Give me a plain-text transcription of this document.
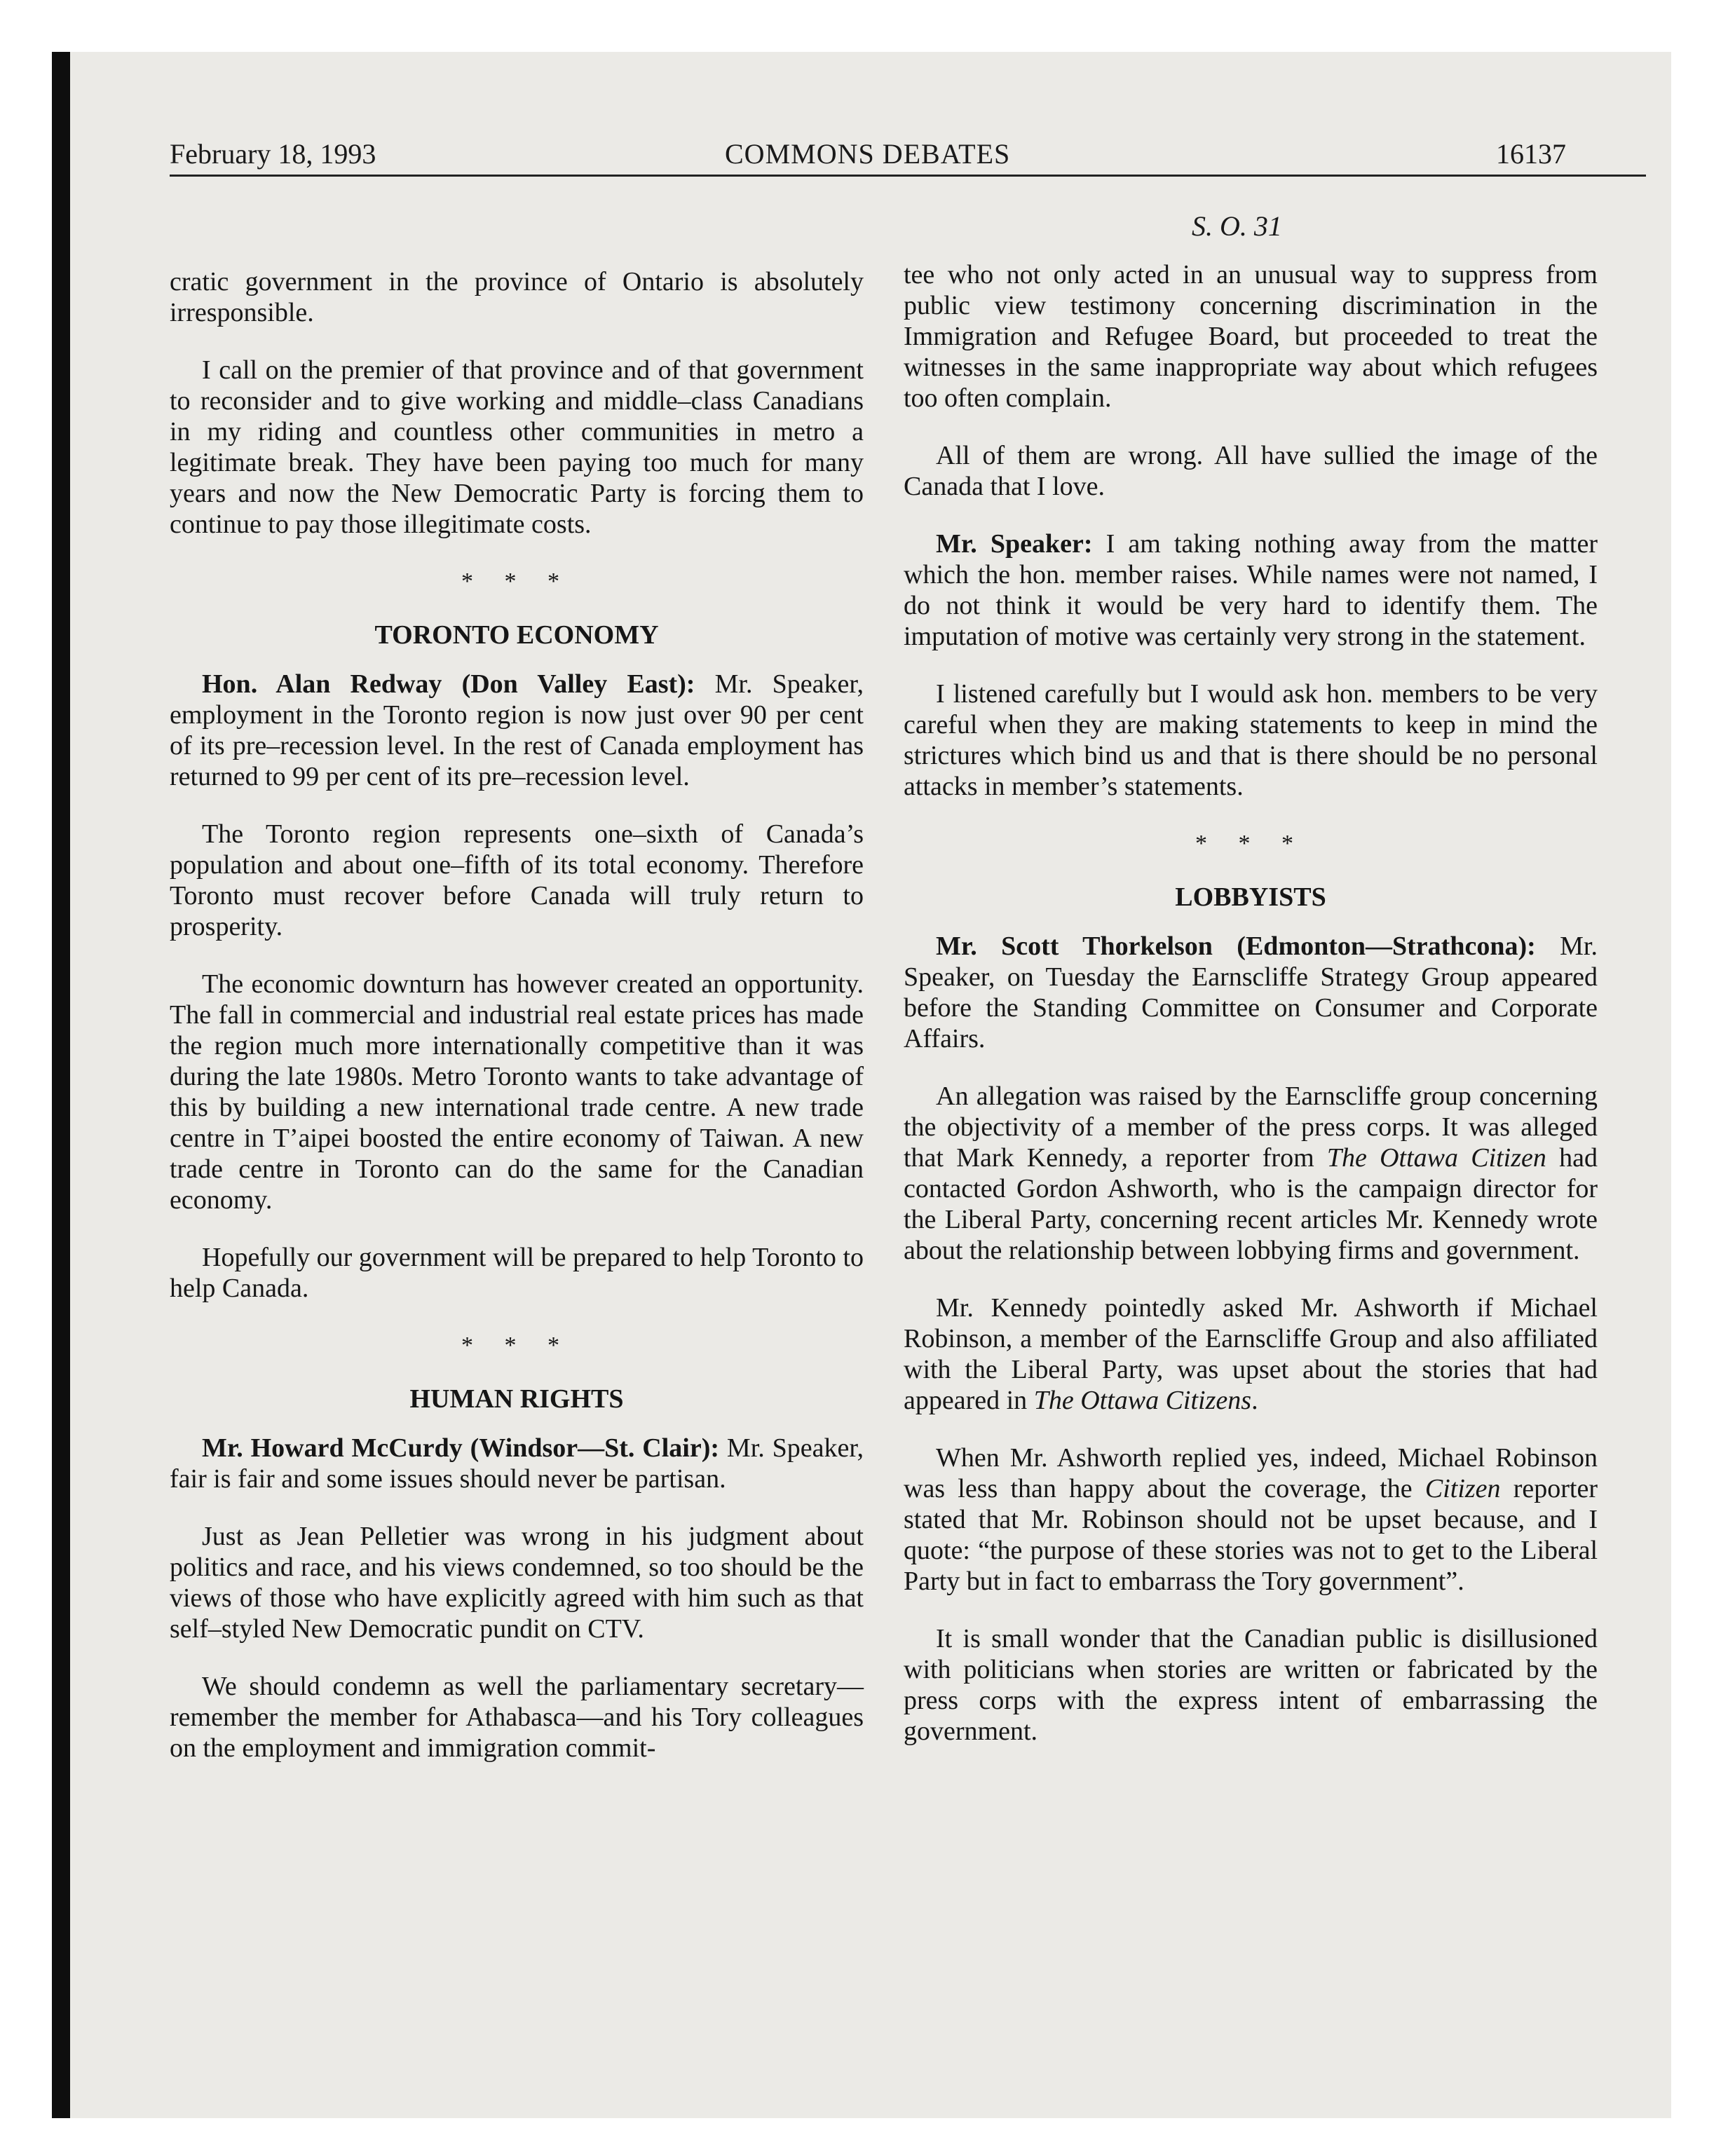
February 18, 1993	COMMONS DEBATES	16137
S. O. 31

cratic government in the province of Ontario is absolutely irresponsible.

I call on the premier of that province and of that government to reconsider and to give working and middle–class Canadians in my riding and countless other communities in metro a legitimate break. They have been paying too much for many years and now the New Democratic Party is forcing them to continue to pay those illegitimate costs.

* * *
TORONTO ECONOMY

Hon. Alan Redway (Don Valley East): Mr. Speaker, employment in the Toronto region is now just over 90 per cent of its pre–recession level. In the rest of Canada employment has returned to 99 per cent of its pre–recession level.

The Toronto region represents one–sixth of Canada’s population and about one–fifth of its total economy. Therefore Toronto must recover before Canada will truly return to prosperity.

The economic downturn has however created an opportunity. The fall in commercial and industrial real estate prices has made the region much more internationally competitive than it was during the late 1980s. Metro Toronto wants to take advantage of this by building a new international trade centre. A new trade centre in T’aipei boosted the entire economy of Taiwan. A new trade centre in Toronto can do the same for the Canadian economy.

Hopefully our government will be prepared to help Toronto to help Canada.

* * *
HUMAN RIGHTS

Mr. Howard McCurdy (Windsor—St. Clair): Mr. Speaker, fair is fair and some issues should never be partisan.

Just as Jean Pelletier was wrong in his judgment about politics and race, and his views condemned, so too should be the views of those who have explicitly agreed with him such as that self–styled New Democratic pundit on CTV.

We should condemn as well the parliamentary secretary—remember the member for Athabasca—and his Tory colleagues on the employment and immigration commit-

tee who not only acted in an unusual way to suppress from public view testimony concerning discrimination in the Immigration and Refugee Board, but proceeded to treat the witnesses in the same inappropriate way about which refugees too often complain.

All of them are wrong. All have sullied the image of the Canada that I love.

Mr. Speaker: I am taking nothing away from the matter which the hon. member raises. While names were not named, I do not think it would be very hard to identify them. The imputation of motive was certainly very strong in the statement.

I listened carefully but I would ask hon. members to be very careful when they are making statements to keep in mind the strictures which bind us and that is there should be no personal attacks in member’s statements.

* * *
LOBBYISTS

Mr. Scott Thorkelson (Edmonton—Strathcona): Mr. Speaker, on Tuesday the Earnscliffe Strategy Group appeared before the Standing Committee on Consumer and Corporate Affairs.

An allegation was raised by the Earnscliffe group concerning the objectivity of a member of the press corps. It was alleged that Mark Kennedy, a reporter from The Ottawa Citizen had contacted Gordon Ashworth, who is the campaign director for the Liberal Party, concerning recent articles Mr. Kennedy wrote about the relationship between lobbying firms and government.

Mr. Kennedy pointedly asked Mr. Ashworth if Michael Robinson, a member of the Earnscliffe Group and also affiliated with the Liberal Party, was upset about the stories that had appeared in The Ottawa Citizens.

When Mr. Ashworth replied yes, indeed, Michael Robinson was less than happy about the coverage, the Citizen reporter stated that Mr. Robinson should not be upset because, and I quote: “the purpose of these stories was not to get to the Liberal Party but in fact to embarrass the Tory government”.

It is small wonder that the Canadian public is disillusioned with politicians when stories are written or fabricated by the press corps with the express intent of embarrassing the government.
